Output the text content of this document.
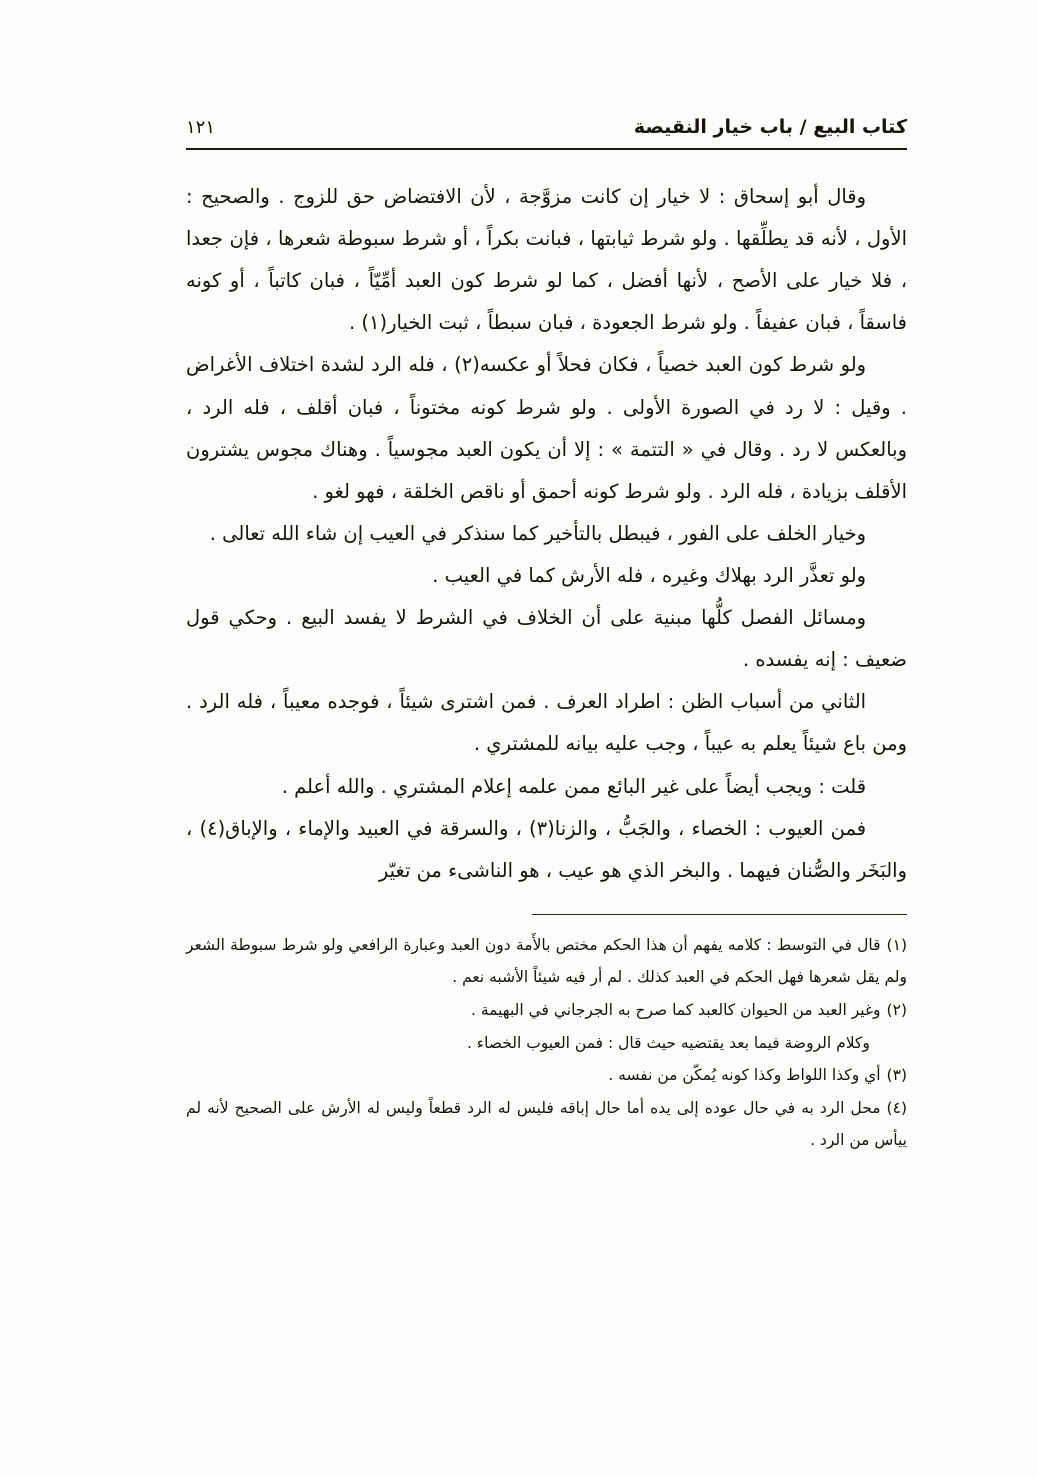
كتاب البيع / باب خيار النقيصة
١٢١

وقال أبو إسحاق : لا خيار إن كانت مزوَّجة ، لأن الافتضاض حق للزوج . والصحيح : الأول ، لأنه قد يطلِّقها . ولو شرط ثيابتها ، فبانت بكراً ، أو شرط سبوطة شعرها ، فإن جعدا ، فلا خيار على الأصح ، لأنها أفضل ، كما لو شرط كون العبد أمِّيّاً ، فبان كاتباً ، أو كونه فاسقاً ، فبان عفيفاً . ولو شرط الجعودة ، فبان سبطاً ، ثبت الخيار(١) .

ولو شرط كون العبد خصياً ، فكان فحلاً أو عكسه(٢) ، فله الرد لشدة اختلاف الأغراض . وقيل : لا رد في الصورة الأولى . ولو شرط كونه مختوناً ، فبان أقلف ، فله الرد ، وبالعكس لا رد . وقال في « التتمة » : إلا أن يكون العبد مجوسياً . وهناك مجوس يشترون الأقلف بزيادة ، فله الرد . ولو شرط كونه أحمق أو ناقص الخلقة ، فهو لغو .

وخيار الخلف على الفور ، فيبطل بالتأخير كما سنذكر في العيب إن شاء الله تعالى .

ولو تعذَّر الرد بهلاك وغيره ، فله الأرش كما في العيب .

ومسائل الفصل كلُّها مبنية على أن الخلاف في الشرط لا يفسد البيع . وحكي قول ضعيف : إنه يفسده .

الثاني من أسباب الظن : اطراد العرف . فمن اشترى شيئاً ، فوجده معيباً ، فله الرد . ومن باع شيئاً يعلم به عيباً ، وجب عليه بيانه للمشتري .

قلت : ويجب أيضاً على غير البائع ممن علمه إعلام المشتري . والله أعلم .

فمن العيوب : الخصاء ، والجَبُّ ، والزنا(٣) ، والسرقة في العبيد والإماء ، والإباق(٤) ، والبَخَر والصُّنان فيهما . والبخر الذي هو عيب ، هو الناشىء من تغيّر

(١)قال في التوسط : كلامه يفهم أن هذا الحكم مختص بالأَمة دون العبد وعبارة الرافعي ولو شرط سبوطة الشعر ولم يقل شعرها فهل الحكم في العبد كذلك . لم أر فيه شيئاً الأشبه نعم .
(٢)وغير العبد من الحيوان كالعبد كما صرح به الجرجاني في البهيمة .
وكلام الروضة فيما بعد يقتضيه حيث قال : فمن العيوب الخصاء .
(٣)أي وكذا اللواط وكذا كونه يُمكّن من نفسه .
(٤)محل الرد به في حال عوده إلى يده أما حال إباقه فليس له الرد قطعاً وليس له الأرش على الصحيح لأنه لم ييأس من الرد .
